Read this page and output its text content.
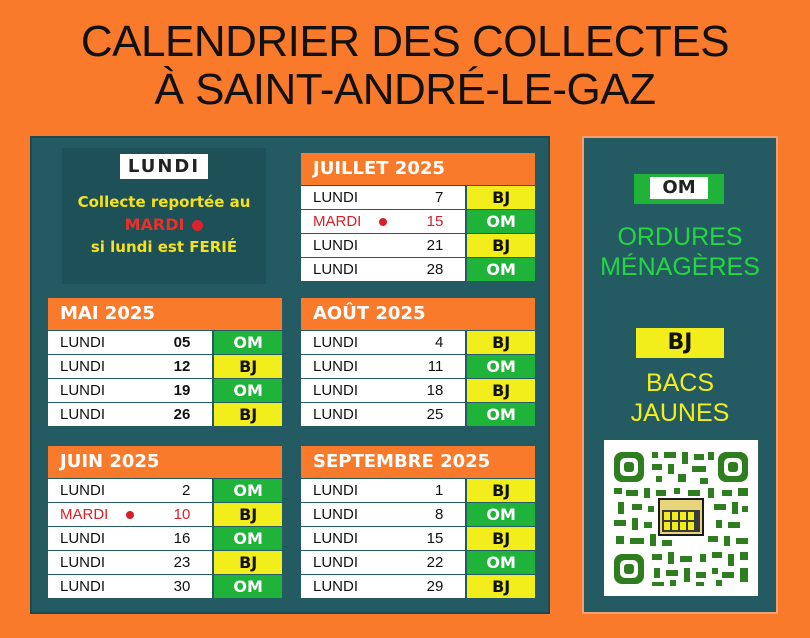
CALENDRIER DES COLLECTES
À SAINT-ANDRÉ-LE-GAZ
LUNDI
Collecte reportée au
MARDI
si lundi est FERIÉ
MAI 2025
LUNDI	05	OM
LUNDI	12	BJ
LUNDI	19	OM
LUNDI	26	BJ
JUIN 2025
LUNDI	2	OM
MARDI	10	BJ
LUNDI	16	OM
LUNDI	23	BJ
LUNDI	30	OM
JUILLET 2025
LUNDI	7	BJ
MARDI	15	OM
LUNDI	21	BJ
LUNDI	28	OM
AOÛT 2025
LUNDI	4	BJ
LUNDI	11	OM
LUNDI	18	BJ
LUNDI	25	OM
SEPTEMBRE 2025
LUNDI	1	BJ
LUNDI	8	OM
LUNDI	15	BJ
LUNDI	22	OM
LUNDI	29	BJ
OM
ORDURES
MÉNAGÈRES
BJ
BACS
JAUNES
